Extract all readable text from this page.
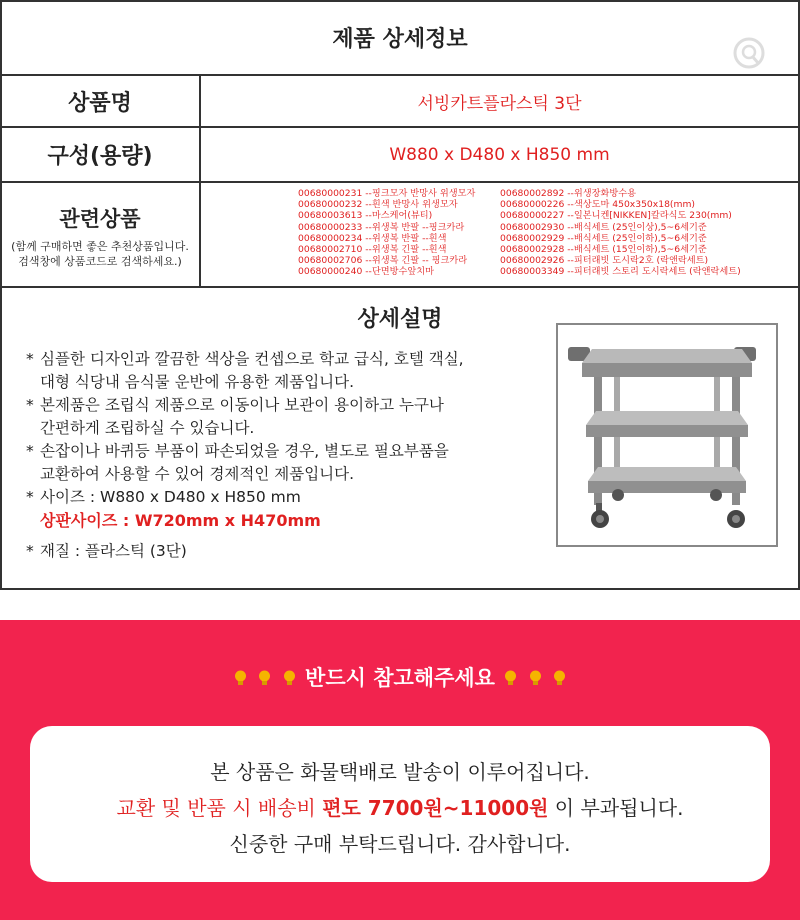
제품 상세정보
상품명	서빙카트플라스틱 3단
구성(용량)	W880 x D480 x H850 mm
관련상품
(함께 구매하면 좋은 추천상품입니다.
검색창에 상품코드로 검색하세요.)
00680000231 --핑크모자 반망사 위생모자
00680000232 --흰색 반망사 위생모자
00680003613 --마스케어(뷰티)
00680000233 --위생복 반팔 --핑크카라
00680000234 --위생복 반팔 --흰색
00680002710 --위생복 긴팔 --흰색
00680002706 --위생복 긴팔 -- 핑크카라
00680000240 --단면방수앞치마
00680002892 --위생장화방수용
00680000226 --색상도마 450x350x18(mm)
00680000227 --일본니켄[NIKKEN]칼라식도 230(mm)
00680002930 --배식세트 (25인이상),5~6세기준
00680002929 --배식세트 (25인이하),5~6세기준
00680002928 --배식세트 (15인이하),5~6세기준
00680002926 --피터래빗 도시락2호 (락앤락세트)
00680003349 --피터래빗 스토리 도시락세트 (락앤락세트)
상세설명
* 심플한 디자인과 깔끔한 색상을 컨셉으로 학교 급식, 호텔 객실,
대형 식당내 음식물 운반에 유용한 제품입니다.
* 본제품은 조립식 제품으로 이동이나 보관이 용이하고 누구나
간편하게 조립하실 수 있습니다.
* 손잡이나 바퀴등 부품이 파손되었을 경우, 별도로 필요부품을
교환하여 사용할 수 있어 경제적인 제품입니다.
* 사이즈 : W880 x D480 x H850 mm
상판사이즈 : W720mm x H470mm
* 재질 : 플라스틱 (3단)
반드시 참고해주세요
본 상품은 화물택배로 발송이 이루어집니다.
교환 및 반품 시 배송비 편도 7700원~11000원 이 부과됩니다.
신중한 구매 부탁드립니다. 감사합니다.
